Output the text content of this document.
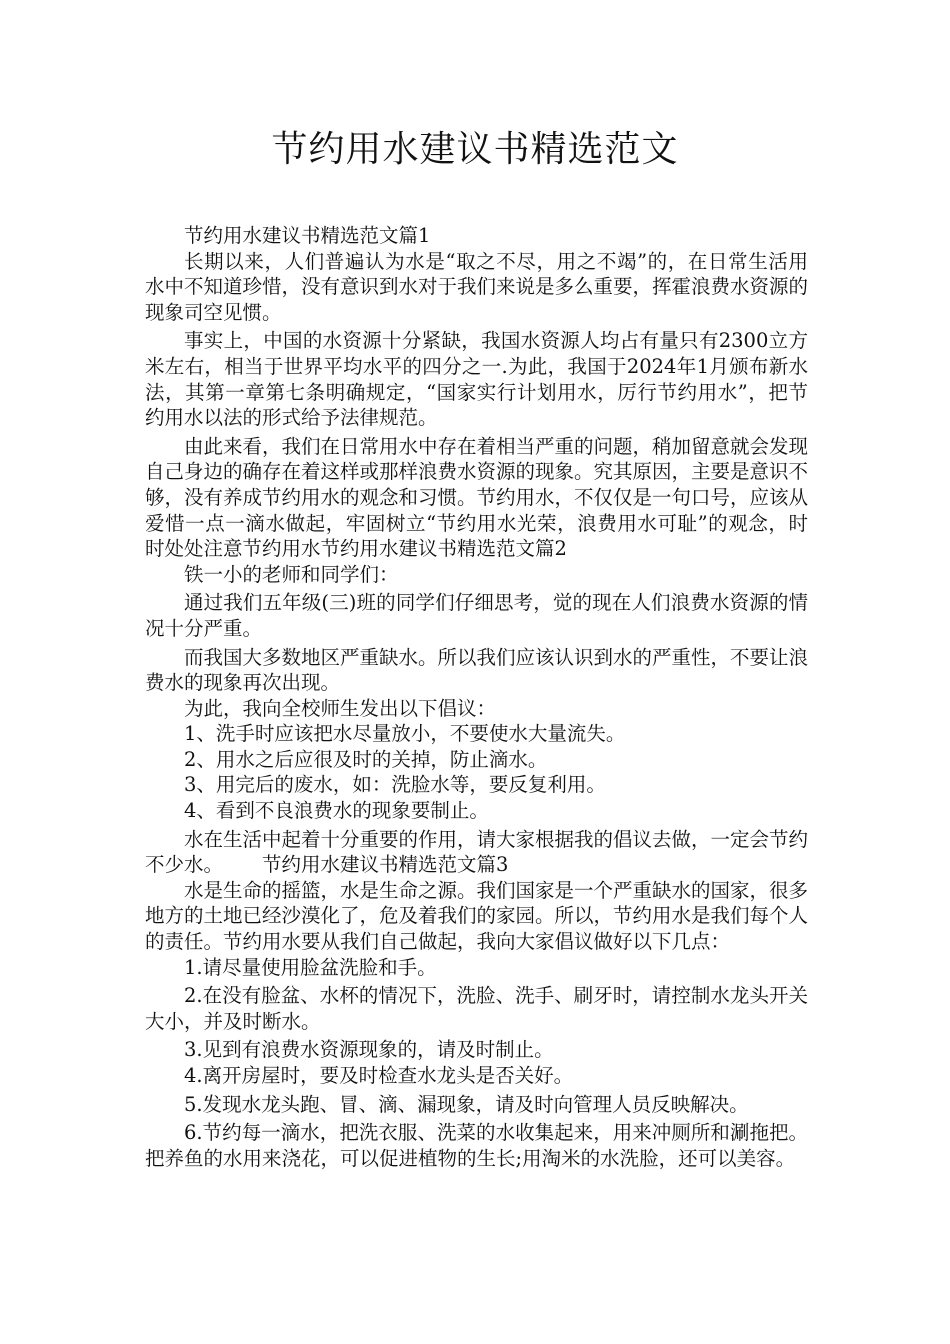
节约用水建议书精选范文

节约用水建议书精选范文篇1

长期以来，人们普遍认为水是“取之不尽，用之不竭”的，在日常生活用水中不知道珍惜，没有意识到水对于我们来说是多么重要，挥霍浪费水资源的现象司空见惯。

事实上，中国的水资源十分紧缺，我国水资源人均占有量只有2300立方米左右，相当于世界平均水平的四分之一.为此，我国于2024年1月颁布新水法，其第一章第七条明确规定，“国家实行计划用水，厉行节约用水”，把节约用水以法的形式给予法律规范。

由此来看，我们在日常用水中存在着相当严重的问题，稍加留意就会发现自己身边的确存在着这样或那样浪费水资源的现象。究其原因，主要是意识不够，没有养成节约用水的观念和习惯。节约用水，不仅仅是一句口号，应该从爱惜一点一滴水做起，牢固树立“节约用水光荣，浪费用水可耻”的观念，时时处处注意节约用水节约用水建议书精选范文篇2

铁一小的老师和同学们：

通过我们五年级(三)班的同学们仔细思考，觉的现在人们浪费水资源的情况十分严重。

而我国大多数地区严重缺水。所以我们应该认识到水的严重性，不要让浪费水的现象再次出现。

为此，我向全校师生发出以下倡议：

1、洗手时应该把水尽量放小，不要使水大量流失。

2、用水之后应很及时的关掉，防止滴水。

3、用完后的废水，如：洗脸水等，要反复利用。

4、看到不良浪费水的现象要制止。

水在生活中起着十分重要的作用，请大家根据我的倡议去做，一定会节约不少水。 节约用水建议书精选范文篇3

水是生命的摇篮，水是生命之源。我们国家是一个严重缺水的国家，很多地方的土地已经沙漠化了，危及着我们的家园。所以，节约用水是我们每个人的责任。节约用水要从我们自己做起，我向大家倡议做好以下几点：

1.请尽量使用脸盆洗脸和手。

2.在没有脸盆、水杯的情况下，洗脸、洗手、刷牙时，请控制水龙头开关大小，并及时断水。

3.见到有浪费水资源现象的，请及时制止。

4.离开房屋时，要及时检查水龙头是否关好。

5.发现水龙头跑、冒、滴、漏现象，请及时向管理人员反映解决。

6.节约每一滴水，把洗衣服、洗菜的水收集起来，用来冲厕所和涮拖把。把养鱼的水用来浇花，可以促进植物的生长;用淘米的水洗脸，还可以美容。
